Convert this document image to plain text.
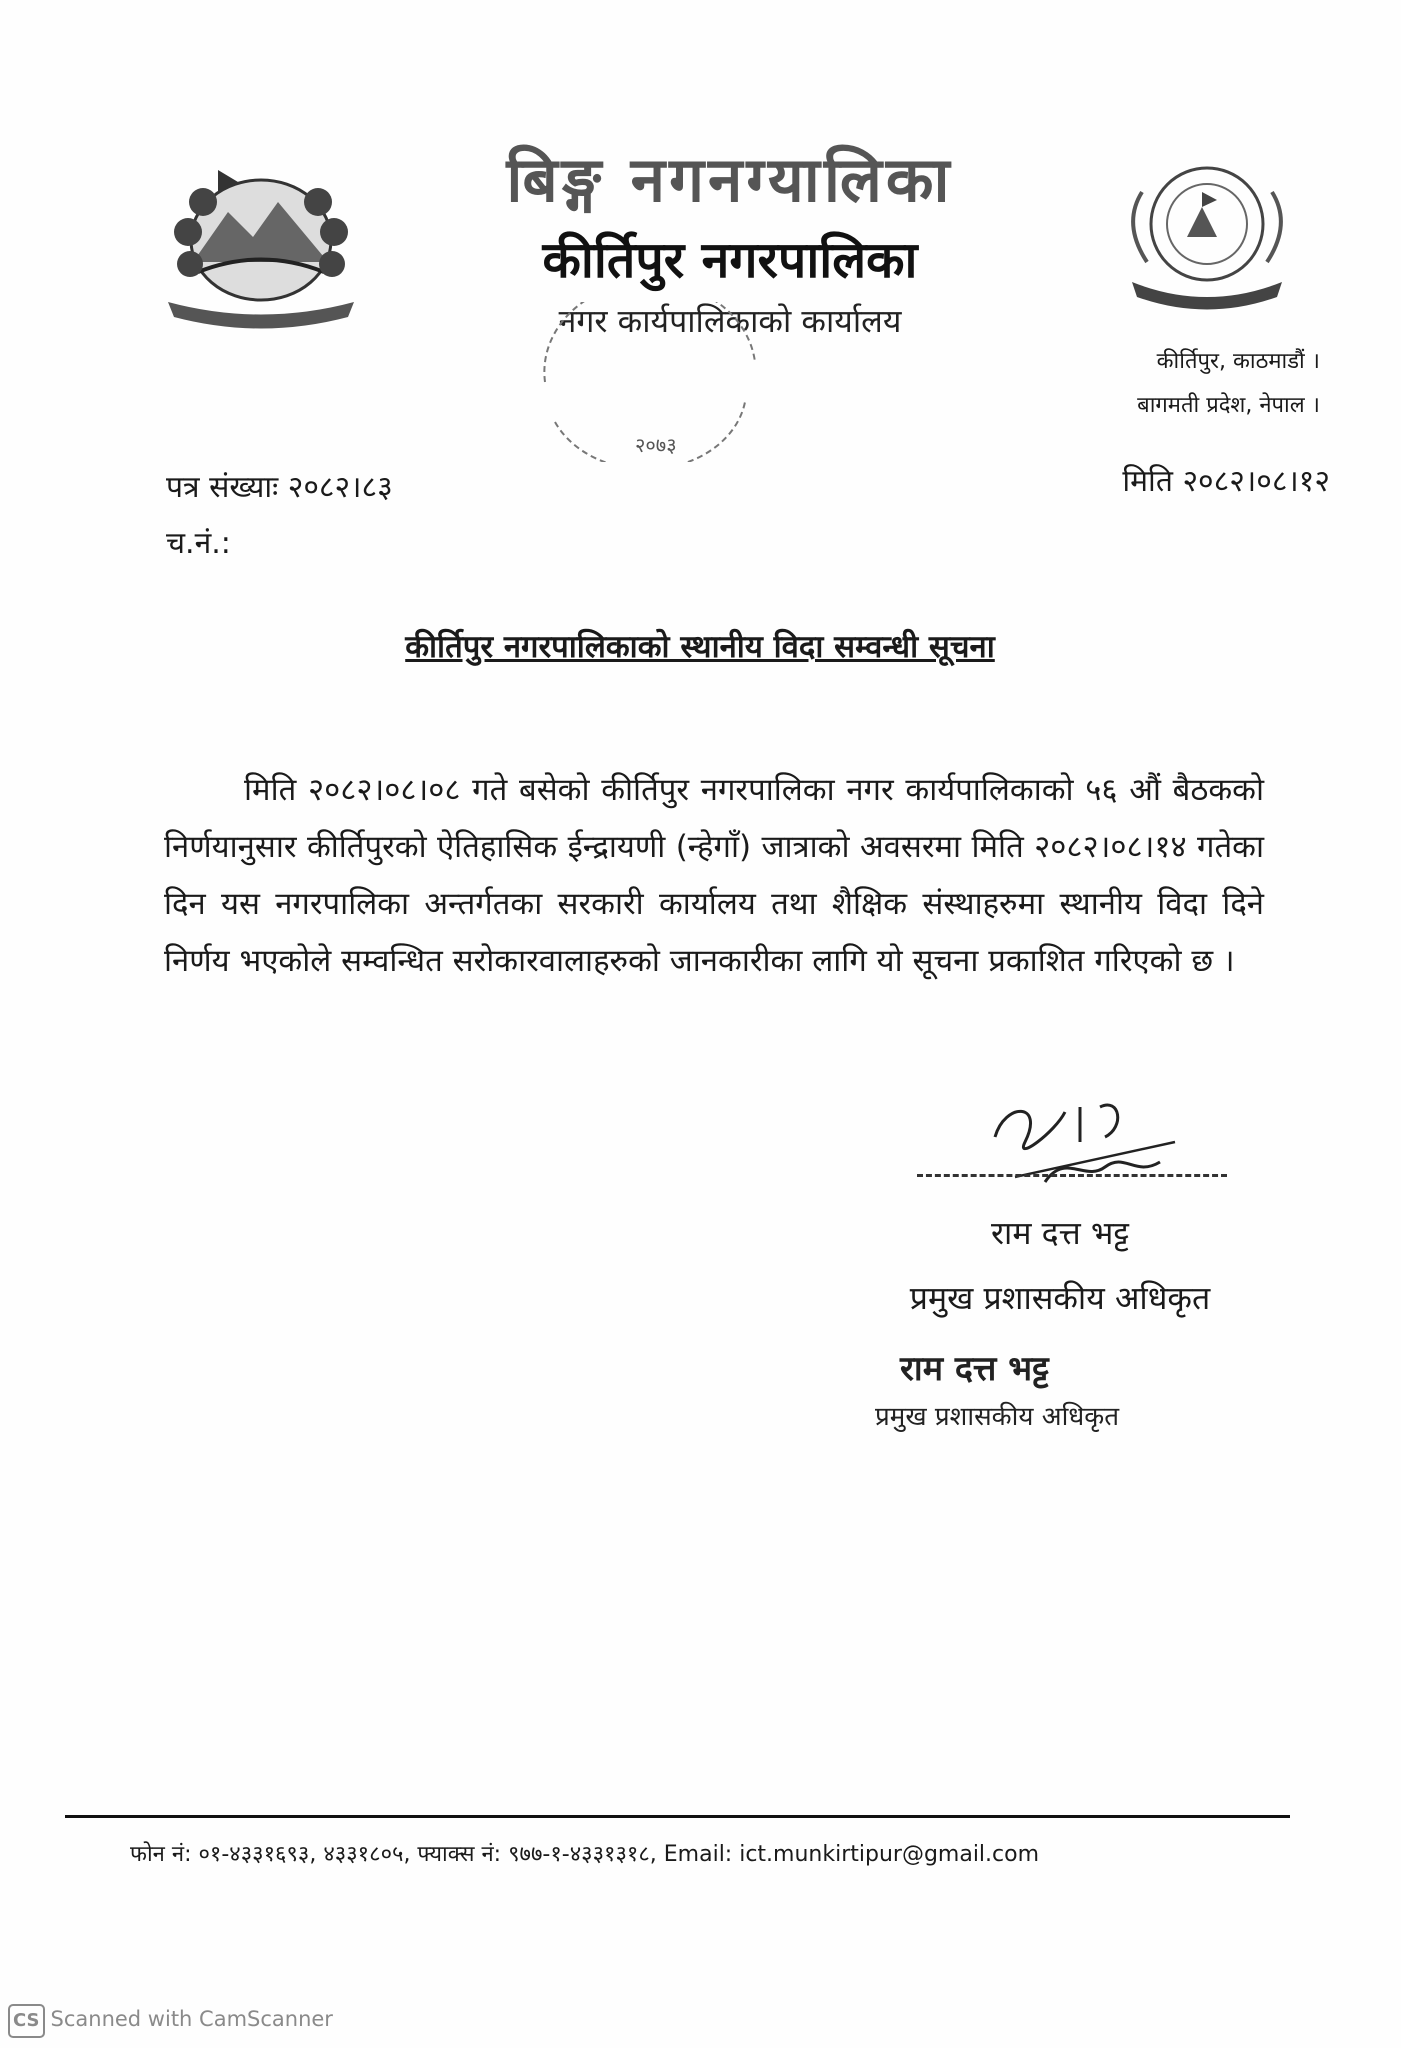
बिङ्ग नगनग्यालिका
कीर्तिपुर नगरपालिका
नगर कार्यपालिकाको कार्यालय
२०७३
कीर्तिपुर, काठमाडौं ।
बागमती प्रदेश, नेपाल ।
पत्र संख्याः २०८२।८३	मिति २०८२।०८।१२
च.नं.:
कीर्तिपुर नगरपालिकाको स्थानीय विदा सम्वन्धी सूचना
मिति २०८२।०८।०८ गते बसेको कीर्तिपुर नगरपालिका नगर कार्यपालिकाको ५६ औं बैठकको निर्णयानुसार कीर्तिपुरको ऐतिहासिक ईन्द्रायणी (न्हेगाँ) जात्राको अवसरमा मिति २०८२।०८।१४ गतेका दिन यस नगरपालिका अन्तर्गतका सरकारी कार्यालय तथा शैक्षिक संस्थाहरुमा स्थानीय विदा दिने निर्णय भएकोले सम्वन्धित सरोकारवालाहरुको जानकारीका लागि यो सूचना प्रकाशित गरिएको छ ।
राम दत्त भट्ट
प्रमुख प्रशासकीय अधिकृत
राम दत्त भट्ट
प्रमुख प्रशासकीय अधिकृत
फोन नं: ०१-४३३१६९३, ४३३१८०५, फ्याक्स नं: ९७७-१-४३३१३१८, Email: ict.munkirtipur@gmail.com
CS Scanned with CamScanner
